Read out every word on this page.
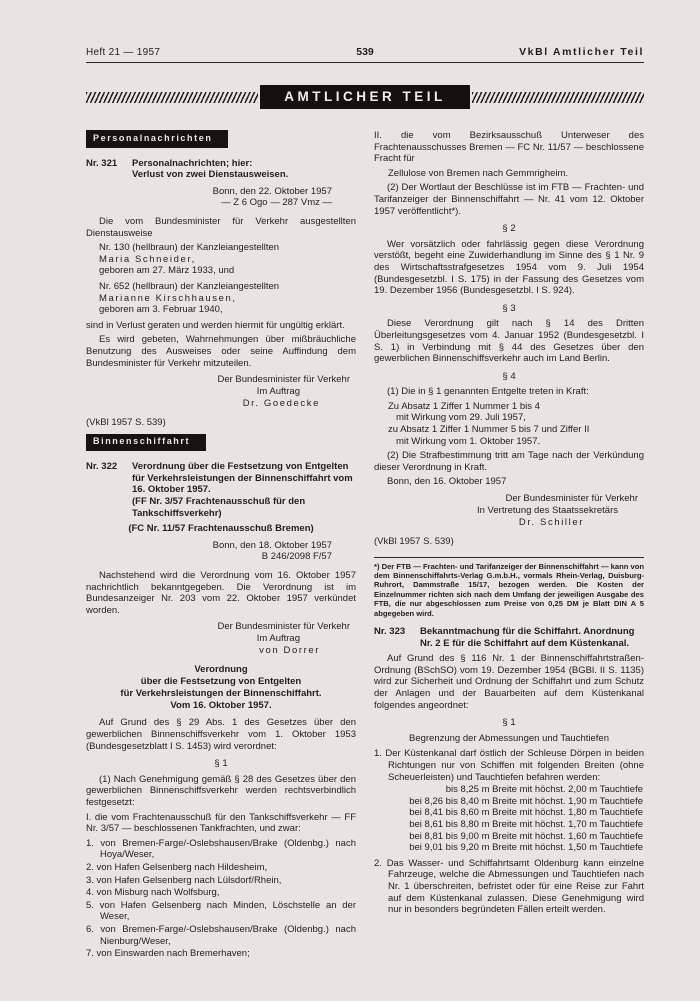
Heft 21 — 1957	539	VkBl Amtlicher Teil
AMTLICHER TEIL
Personalnachrichten
Nr. 321	Personalnachrichten; hier:
Verlust von zwei Dienstausweisen.
Bonn, den 22. Oktober 1957
— Z 6 Ogo — 287 Vmz —

Die vom Bundesminister für Verkehr ausgestellten Dienstausweise

Nr. 130 (hellbraun) der Kanzleiangestellten
Maria Schneider,
geboren am 27. März 1933, und
Nr. 652 (hellbraun) der Kanzleiangestellten
Marianne Kirschhausen,
geboren am 3. Februar 1940,

sind in Verlust geraten und werden hiermit für ungültig erklärt.

Es wird gebeten, Wahrnehmungen über mißbräuchliche Benutzung des Ausweises oder seine Auffindung dem Bundesminister für Verkehr mitzuteilen.

Der Bundesminister für Verkehr
Im Auftrag
Dr. Goedecke
(VkBl 1957 S. 539)
Binnenschiffahrt
Nr. 322	Verordnung über die Festsetzung von Entgelten für Verkehrsleistungen der Binnenschiffahrt vom 16. Oktober 1957.
(FF Nr. 3/57 Frachtenausschuß für den Tankschiffsverkehr)
(FC Nr. 11/57 Frachtenausschuß Bremen)
Bonn, den 18. Oktober 1957
B 246/2098 F/57

Nachstehend wird die Verordnung vom 16. Oktober 1957 nachrichtlich bekanntgegeben. Die Verordnung ist im Bundesanzeiger Nr. 203 vom 22. Oktober 1957 verkündet worden.

Der Bundesminister für Verkehr
Im Auftrag
von Dorrer
Verordnung
über die Festsetzung von Entgelten
für Verkehrsleistungen der Binnenschiffahrt.
Vom 16. Oktober 1957.

Auf Grund des § 29 Abs. 1 des Gesetzes über den gewerblichen Binnenschiffsverkehr vom 1. Oktober 1953 (Bundesgesetzblatt I S. 1453) wird verordnet:

§ 1

(1) Nach Genehmigung gemäß § 28 des Gesetzes über den gewerblichen Binnenschiffsverkehr werden rechtsverbindlich festgesetzt:

I. die vom Frachtenausschuß für den Tankschiffsverkehr — FF Nr. 3/57 — beschlossenen Tankfrachten, und zwar:

1. von Bremen-Farge/-Oslebshausen/Brake (Oldenbg.) nach Hoya/Weser,
2. von Hafen Gelsenberg nach Hildesheim,
3. von Hafen Gelsenberg nach Lülsdorf/Rhein,
4. von Misburg nach Wolfsburg,
5. von Hafen Gelsenberg nach Minden, Löschstelle an der Weser,
6. von Bremen-Farge/-Oslebshausen/Brake (Oldenbg.) nach Nienburg/Weser,
7. von Einswarden nach Bremerhaven;

II. die vom Bezirksausschuß Unterweser des Frachtenausschusses Bremen — FC Nr. 11/57 — beschlossene Fracht für

Zellulose von Bremen nach Gemmrigheim.

(2) Der Wortlaut der Beschlüsse ist im FTB — Frachten- und Tarifanzeiger der Binnenschiffahrt — Nr. 41 vom 12. Oktober 1957 veröffentlicht*).

§ 2

Wer vorsätzlich oder fahrlässig gegen diese Verordnung verstößt, begeht eine Zuwiderhandlung im Sinne des § 1 Nr. 9 des Wirtschaftsstrafgesetzes 1954 vom 9. Juli 1954 (Bundesgesetzbl. I S. 175) in der Fassung des Gesetzes vom 19. Dezember 1956 (Bundesgesetzbl. I S. 924).

§ 3

Diese Verordnung gilt nach § 14 des Dritten Überleitungsgesetzes vom 4. Januar 1952 (Bundesgesetzbl. I S. 1) in Verbindung mit § 44 des Gesetzes über den gewerblichen Binnenschiffsverkehr auch im Land Berlin.

§ 4

(1) Die in § 1 genannten Entgelte treten in Kraft:

Zu Absatz 1 Ziffer 1 Nummer 1 bis 4
mit Wirkung vom 29. Juli 1957,
zu Absatz 1 Ziffer 1 Nummer 5 bis 7 und Ziffer II
mit Wirkung vom 1. Oktober 1957.

(2) Die Strafbestimmung tritt am Tage nach der Verkündung dieser Verordnung in Kraft.

Bonn, den 16. Oktober 1957

Der Bundesminister für Verkehr
In Vertretung des Staatssekretärs
Dr. Schiller
(VkBl 1957 S. 539)
*) Der FTB — Frachten- und Tarifanzeiger der Binnenschiffahrt — kann von dem Binnenschiffahrts-Verlag G.m.b.H., vormals Rhein-Verlag, Duisburg-Ruhrort, Dammstraße 15/17, bezogen werden. Die Kosten der Einzelnummer richten sich nach dem Umfang der jeweiligen Ausgabe des FTB, die nur abgeschlossen zum Preise von 0,25 DM je Blatt DIN A 5 abgegeben wird.
Nr. 323	Bekanntmachung für die Schiffahrt. Anordnung Nr. 2 E für die Schiffahrt auf dem Küstenkanal.

Auf Grund des § 116 Nr. 1 der Binnenschiffahrtstraßen-Ordnung (BSchSO) vom 19. Dezember 1954 (BGBl. II S. 1135) wird zur Sicherheit und Ordnung der Schiffahrt und zum Schutz der Anlagen und der Bauarbeiten auf dem Küstenkanal folgendes angeordnet:

§ 1
Begrenzung der Abmessungen und Tauchtiefen
1. Der Küstenkanal darf östlich der Schleuse Dörpen in beiden Richtungen nur von Schiffen mit folgenden Breiten (ohne Scheuerleisten) und Tauchtiefen befahren werden:
bis 8,25 m Breite mit höchst. 2,00 m Tauchtiefe
bei 8,26 bis 8,40 m Breite mit höchst. 1,90 m Tauchtiefe
bei 8,41 bis 8,60 m Breite mit höchst. 1,80 m Tauchtiefe
bei 8,61 bis 8,80 m Breite mit höchst. 1,70 m Tauchtiefe
bei 8,81 bis 9,00 m Breite mit höchst. 1,60 m Tauchtiefe
bei 9,01 bis 9,20 m Breite mit höchst. 1,50 m Tauchtiefe
2. Das Wasser- und Schiffahrtsamt Oldenburg kann einzelne Fahrzeuge, welche die Abmessungen und Tauchtiefen nach Nr. 1 überschreiten, befristet oder für eine Reise zur Fahrt auf dem Küstenkanal zulassen. Diese Genehmigung wird nur in besonders begründeten Fällen erteilt werden.
